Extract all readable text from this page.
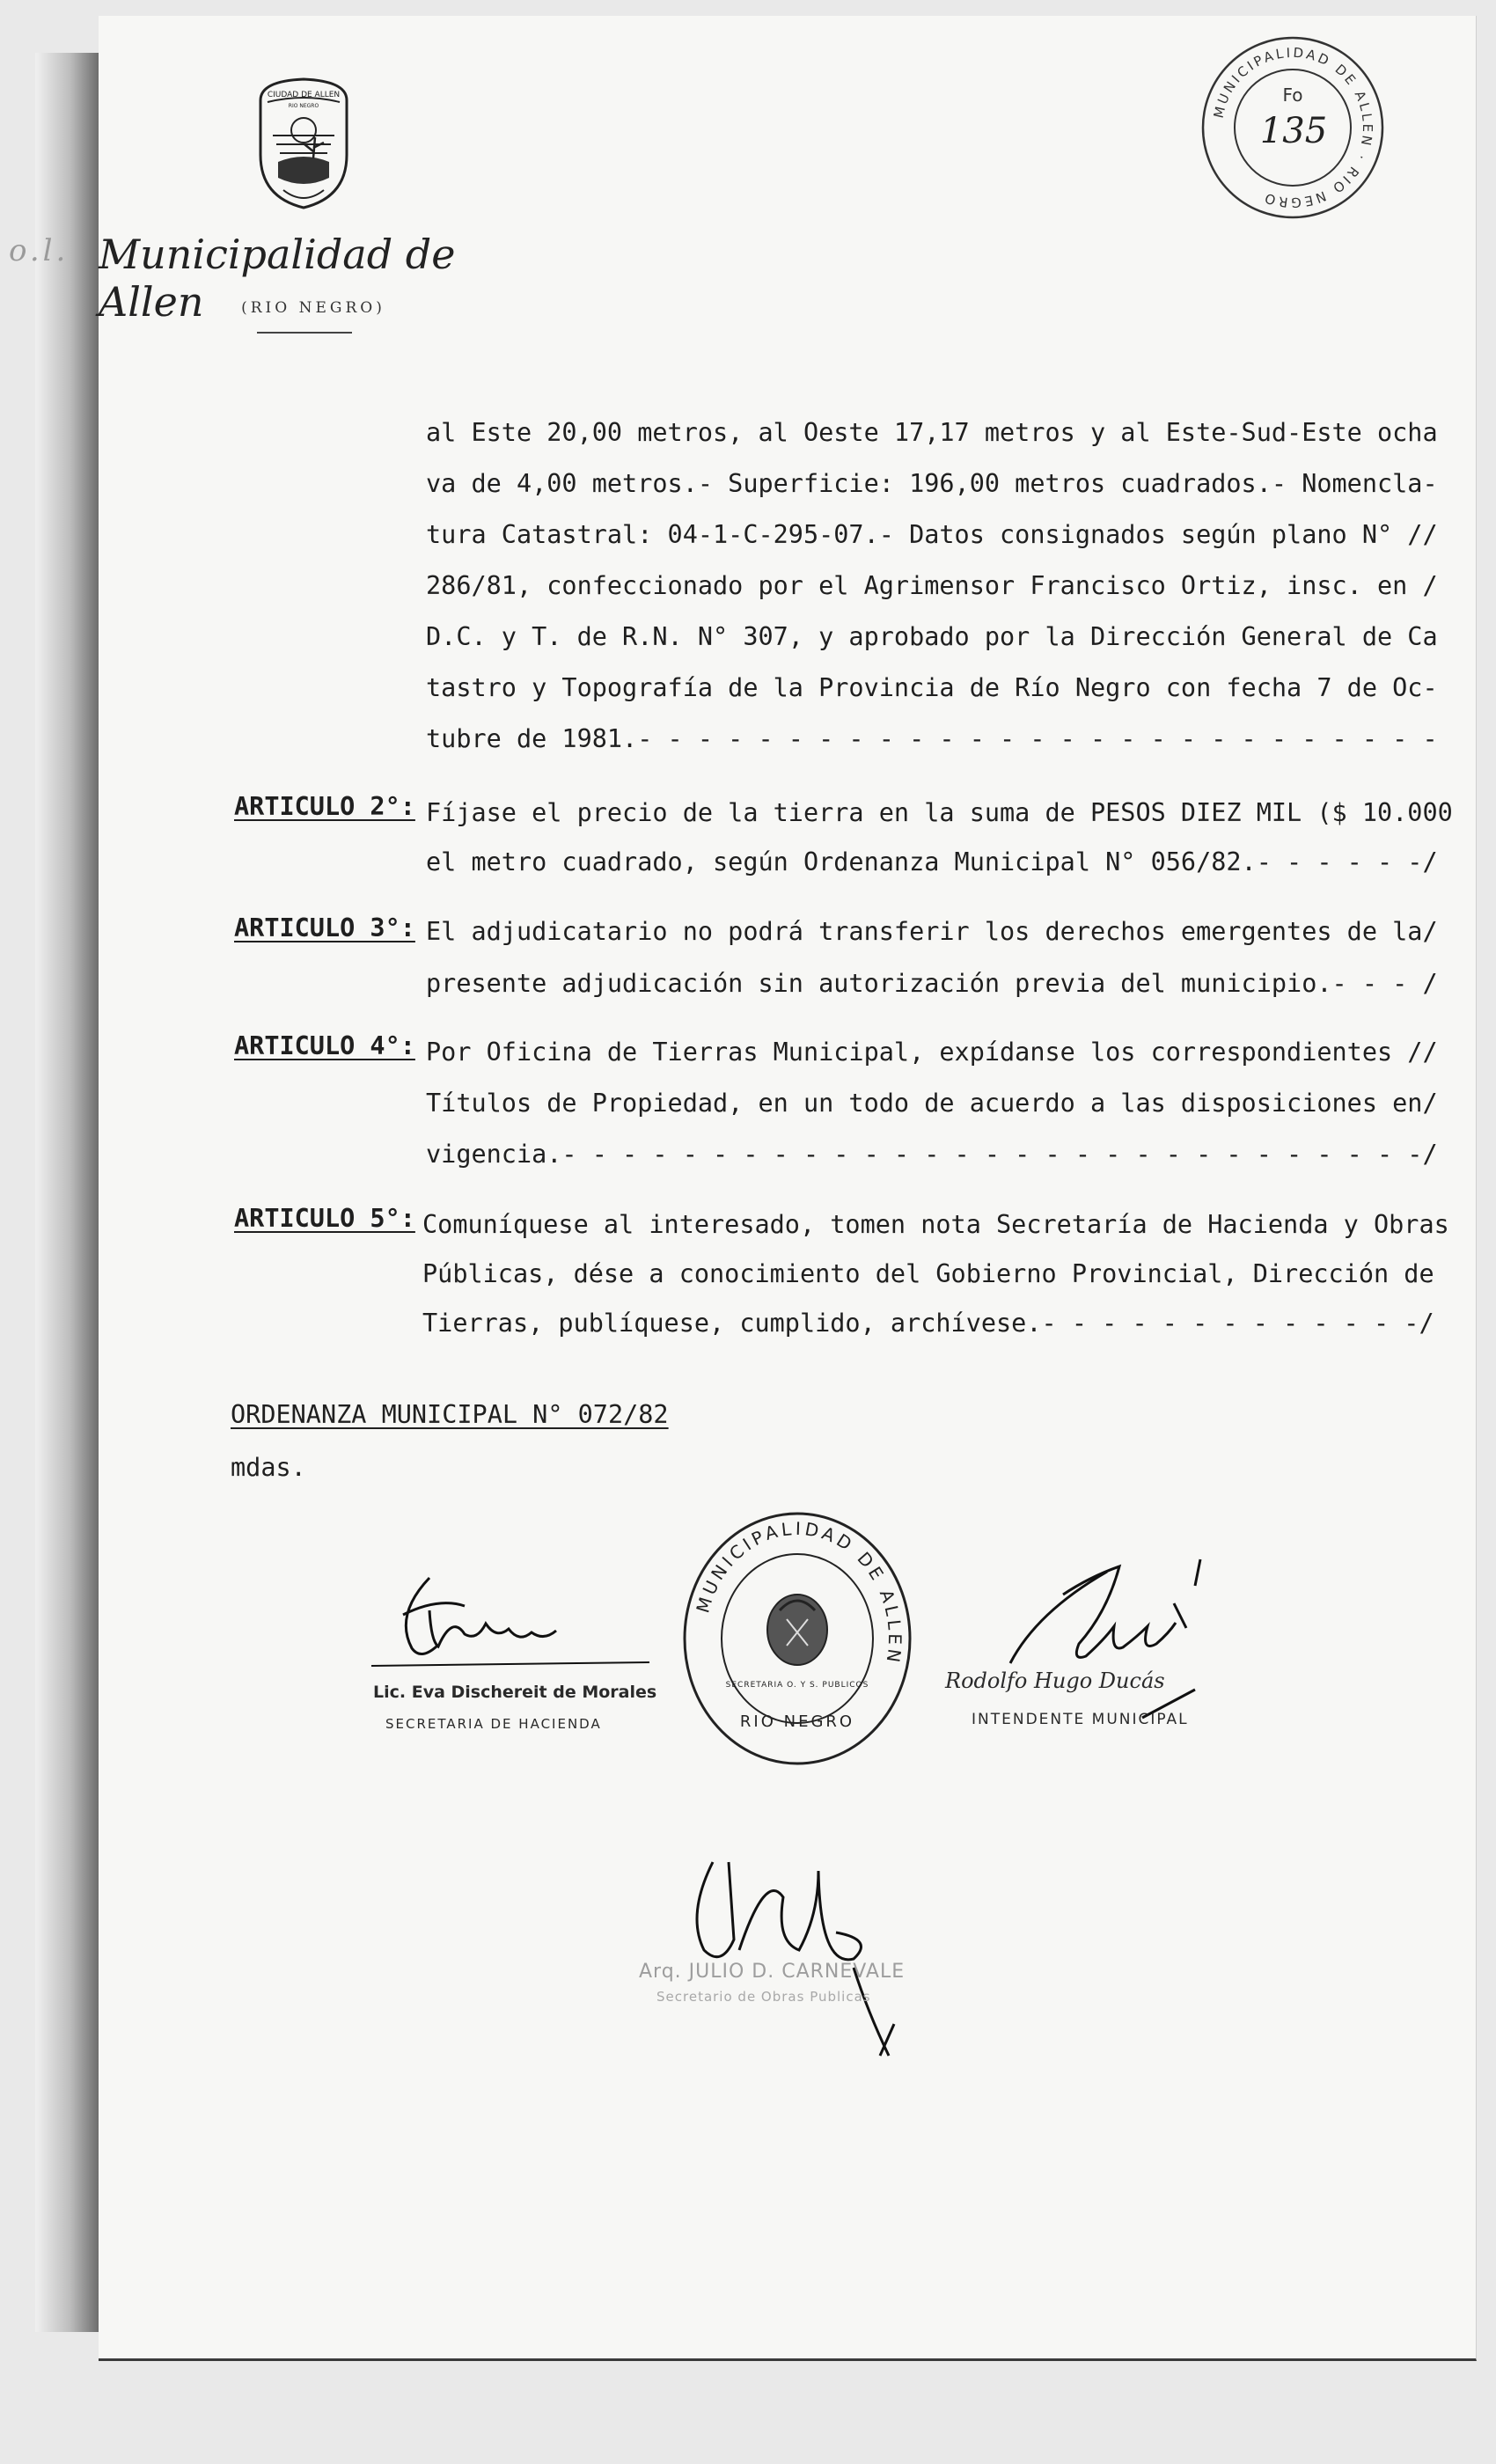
o.l.
CIUDAD DE ALLEN
RIO NEGRO
Municipalidad de Allen	(RIO NEGRO)
MUNICIPALIDAD DE ALLEN · RIO NEGRO
Fo
135
al Este 20,00 metros, al Oeste 17,17 metros y al Este-Sud-Este ocha
va de 4,00 metros.- Superficie: 196,00 metros cuadrados.- Nomencla-
tura Catastral: 04-1-C-295-07.- Datos consignados según plano N° //
286/81, confeccionado por el Agrimensor Francisco Ortiz, insc. en /
D.C. y T. de R.N. N° 307, y aprobado por la Dirección General de Ca
tastro y Topografía de la Provincia de Río Negro con fecha 7 de Oc-
tubre de 1981.- - - - - - - - - - - - - - - - - - - - - - - - - - -
ARTICULO 2°: Fíjase el precio de la tierra en la suma de PESOS DIEZ MIL ($ 10.000
el metro cuadrado, según Ordenanza Municipal N° 056/82.- - - - - -/
ARTICULO 3°: El adjudicatario no podrá transferir los derechos emergentes de la/
presente adjudicación sin autorización previa del municipio.- - - /
ARTICULO 4°: Por Oficina de Tierras Municipal, expídanse los correspondientes //
Títulos de Propiedad, en un todo de acuerdo a las disposiciones en/
vigencia.- - - - - - - - - - - - - - - - - - - - - - - - - - - - -/
ARTICULO 5°: Comuníquese al interesado, tomen nota Secretaría de Hacienda y Obras
Públicas, dése a conocimiento del Gobierno Provincial, Dirección de
Tierras, publíquese, cumplido, archívese.- - - - - - - - - - - - -/
ORDENANZA MUNICIPAL N° 072/82
mdas.
Lic. Eva Dischereit de Morales
SECRETARIA DE HACIENDA
MUNICIPALIDAD DE ALLEN
RIO NEGRO
SECRETARIA O. Y S. PUBLICOS	Rodolfo Hugo Ducás
INTENDENTE MUNICIPAL
Arq. JULIO D. CARNEVALE
Secretario de Obras Publicas
